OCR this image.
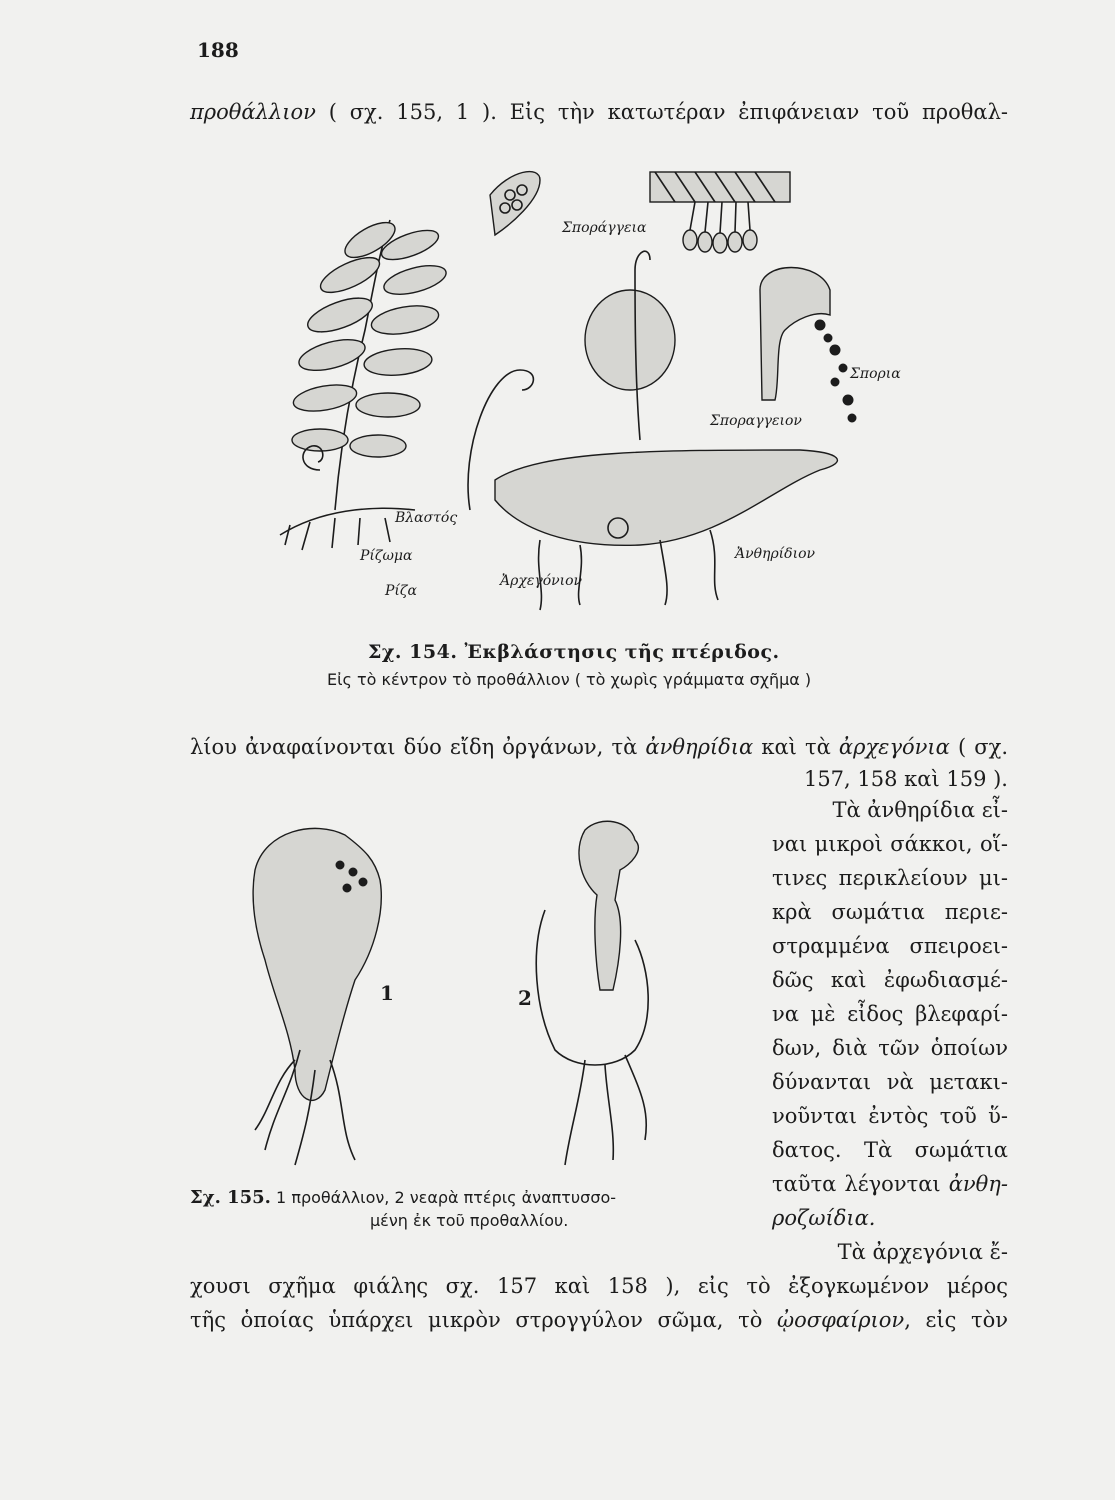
188
προθάλλιον ( σχ. 155, 1 ). Εἰς τὴν κατωτέραν ἐπιφάνειαν τοῦ προθαλ-
Σποράγγεια
Σπορια
Σποραγγειον
Βλαστός
Ρίζωμα
Ρίζα
Ἀρχεγόνιον
Ἀνθηρίδιον
Σχ. 154. Ἐκβλάστησις τῆς πτέριδος.
Εἰς τὸ κέντρον τὸ προθάλλιον ( τὸ χωρὶς γράμματα σχῆμα )
λίου ἀναφαίνονται δύο εἴδη ὀργάνων, τὰ ἀνθηρίδια καὶ τὰ ἀρχεγόνια ( σχ.
157, 158 καὶ 159 ).
Τὰ ἀνθηρίδια εἶ-
ναι μικροὶ σάκκοι, οἵ-
τινες περικλείουν μι-
κρὰ σωμάτια περιε-
στραμμένα σπειροει-
δῶς καὶ ἐφωδιασμέ-
να μὲ εἶδος βλεφαρί-
δων, διὰ τῶν ὁποίων
δύνανται νὰ μετακι-
νοῦνται ἐντὸς τοῦ ὕ-
δατος. Τὰ σωμάτια
ταῦτα λέγονται ἀνθη-
ροζωίδια.
Τὰ ἀρχεγόνια ἔ-
1	2
Σχ. 155. 1 προθάλλιον, 2 νεαρὰ πτέρις ἀναπτυσσο-
μένη ἐκ τοῦ προθαλλίου.
χουσι σχῆμα φιάλης σχ. 157 καὶ 158 ), εἰς τὸ ἐξογκωμένον μέρος
τῆς ὁποίας ὑπάρχει μικρὸν στρογγύλον σῶμα, τὸ ᾠοσφαίριον, εἰς τὸν
